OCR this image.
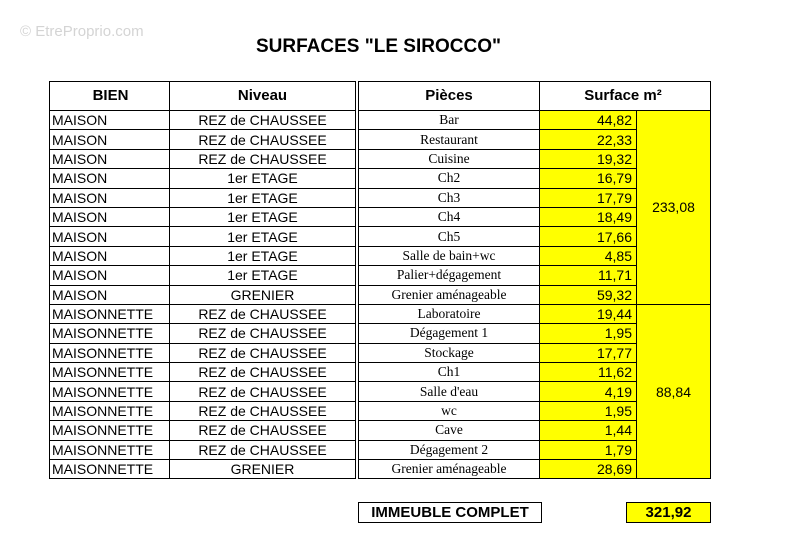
© EtreProprio.com
SURFACES "LE SIROCCO"
BIEN	Niveau		Pièces	Surface m²	
MAISON	REZ de CHAUSSEE		Bar	44,82	233,08
MAISON	REZ de CHAUSSEE		Restaurant	22,33	
MAISON	REZ de CHAUSSEE		Cuisine	19,32	
MAISON	1er ETAGE		Ch2	16,79	
MAISON	1er ETAGE		Ch3	17,79	
MAISON	1er ETAGE		Ch4	18,49	
MAISON	1er ETAGE		Ch5	17,66	
MAISON	1er ETAGE		Salle de bain+wc	4,85	
MAISON	1er ETAGE		Palier+dégagement	11,71	
MAISON	GRENIER		Grenier aménageable	59,32	
MAISONNETTE	REZ de CHAUSSEE		Laboratoire	19,44	88,84
MAISONNETTE	REZ de CHAUSSEE		Dégagement 1	1,95	
MAISONNETTE	REZ de CHAUSSEE		Stockage	17,77	
MAISONNETTE	REZ de CHAUSSEE		Ch1	11,62	
MAISONNETTE	REZ de CHAUSSEE		Salle d'eau	4,19	
MAISONNETTE	REZ de CHAUSSEE		wc	1,95	
MAISONNETTE	REZ de CHAUSSEE		Cave	1,44	
MAISONNETTE	REZ de CHAUSSEE		Dégagement 2	1,79	
MAISONNETTE	GRENIER		Grenier aménageable	28,69	
IMMEUBLE COMPLET	321,92
